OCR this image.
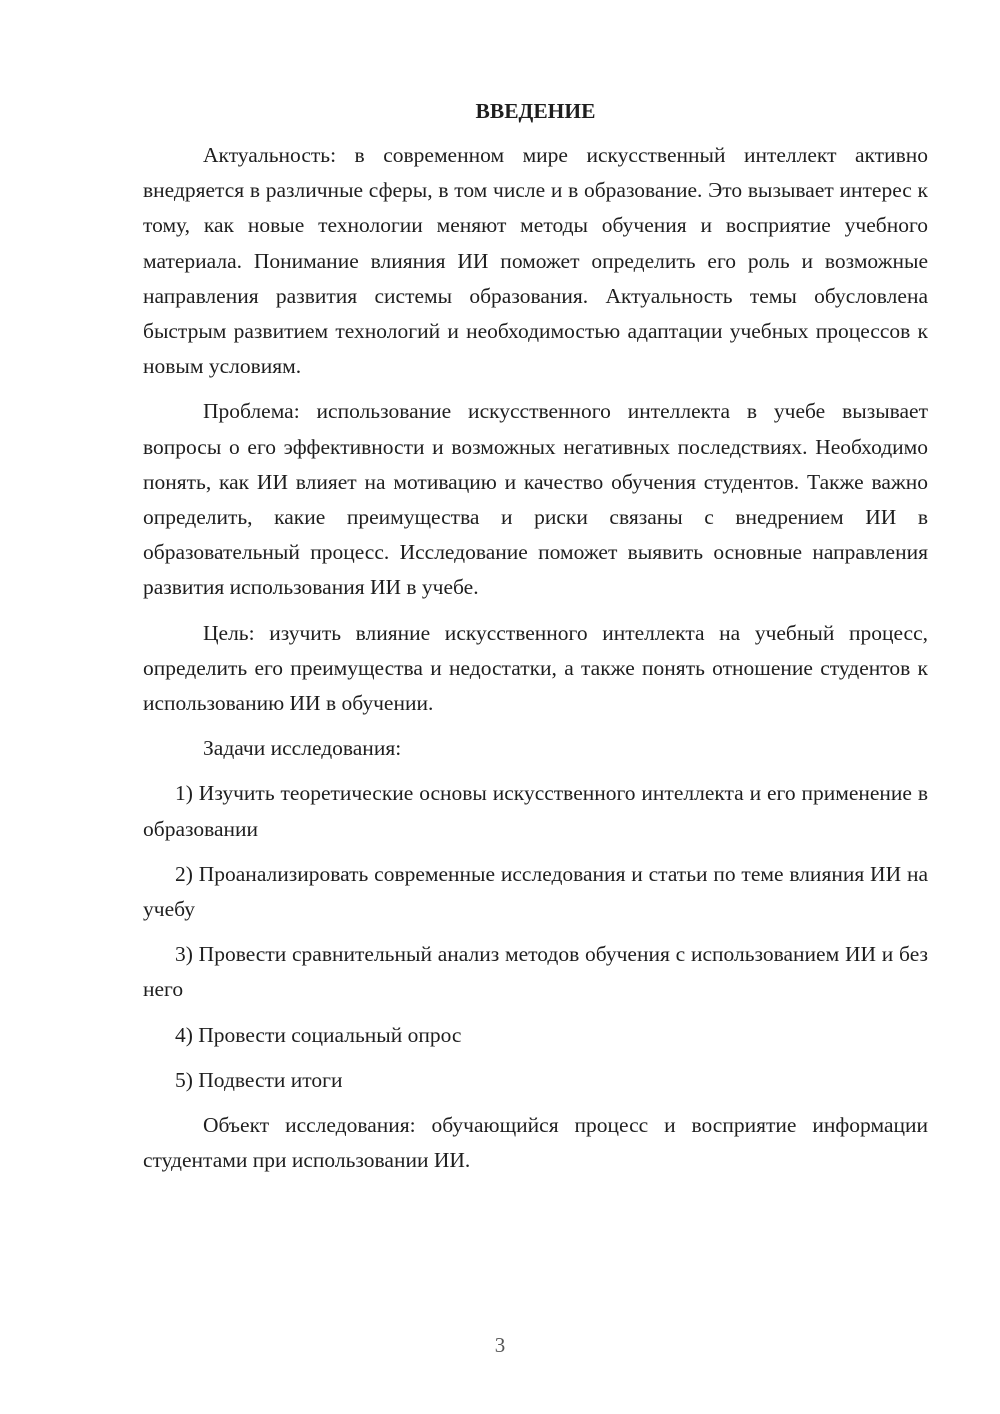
ВВЕДЕНИЕ

Актуальность: в современном мире искусственный интеллект активно внедряется в различные сферы, в том числе и в образование. Это вызывает интерес к тому, как новые технологии меняют методы обучения и восприятие учебного материала. Понимание влияния ИИ поможет определить его роль и возможные направления развития системы образования. Актуальность темы обусловлена быстрым развитием технологий и необходимостью адаптации учебных процессов к новым условиям.

Проблема: использование искусственного интеллекта в учебе вызывает вопросы о его эффективности и возможных негативных последствиях. Необходимо понять, как ИИ влияет на мотивацию и качество обучения студентов. Также важно определить, какие преимущества и риски связаны с внедрением ИИ в образовательный процесс. Исследование поможет выявить основные направления развития использования ИИ в учебе.

Цель: изучить влияние искусственного интеллекта на учебный процесс, определить его преимущества и недостатки, а также понять отношение студентов к использованию ИИ в обучении.

Задачи исследования:

1) Изучить теоретические основы искусственного интеллекта и его применение в образовании

2) Проанализировать современные исследования и статьи по теме влияния ИИ на учебу

3) Провести сравнительный анализ методов обучения с использованием ИИ и без него

4) Провести социальный опрос

5) Подвести итоги

Объект исследования: обучающийся процесс и восприятие информации студентами при использовании ИИ.

3
